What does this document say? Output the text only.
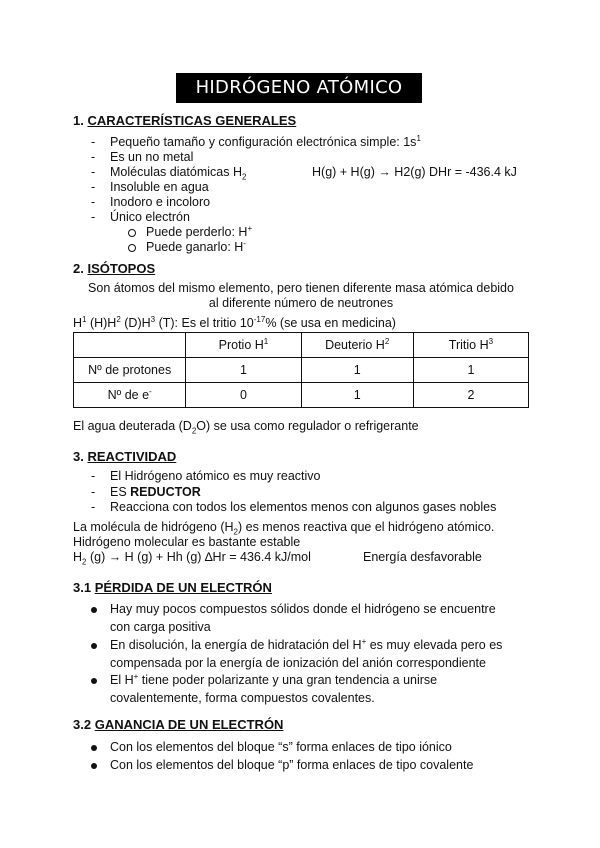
HIDRÓGENO ATÓMICO
1. CARACTERÍSTICAS GENERALES
- Pequeño tamaño y configuración electrónica simple: $1s^1$
- Es un no metal
- Moléculas diatómicas $H_2$	H(g) + H(g) → H2(g) DHr = -436.4 kJ
- Insoluble en agua
- Inodoro e incoloro
- Único electrón
Puede perderlo: H+
Puede ganarlo: H-
2. ISÓTOPOS
Son átomos del mismo elemento, pero tienen diferente masa atómica debido
al diferente número de neutrones
$H^1$ $(H)H^2$ $(D)H^3$ (T): Es el tritio $10^{-17}\%$ (se usa en medicina)
	Protio $H^1$	Deuterio $H^2$	Tritio $H^3$
Nº de protones	1	1	1
Nº de e-	0	1	2
El agua deuterada $(D_2O)$ se usa como regulador o refrigerante
3. REACTIVIDAD
- El Hidrógeno atómico es muy reactivo
- ES REDUCTOR
- Reacciona con todos los elementos menos con algunos gases nobles
La molécula de hidrógeno $(H_2)$ es menos reactiva que el hidrógeno atómico.
Hidrógeno molecular es bastante estable
$H_2$ (g) → H (g) + Hh (g) ∆Hr = 436.4 kJ/mol	Energía desfavorable
3.1 PÉRDIDA DE UN ELECTRÓN
Hay muy pocos compuestos sólidos donde el hidrógeno se encuentre
con carga positiva
En disolución, la energía de hidratación del H+ es muy elevada pero es
compensada por la energía de ionización del anión correspondiente
El H+ tiene poder polarizante y una gran tendencia a unirse
covalentemente, forma compuestos covalentes.
3.2 GANANCIA DE UN ELECTRÓN
Con los elementos del bloque “s” forma enlaces de tipo iónico
Con los elementos del bloque “p” forma enlaces de tipo covalente
